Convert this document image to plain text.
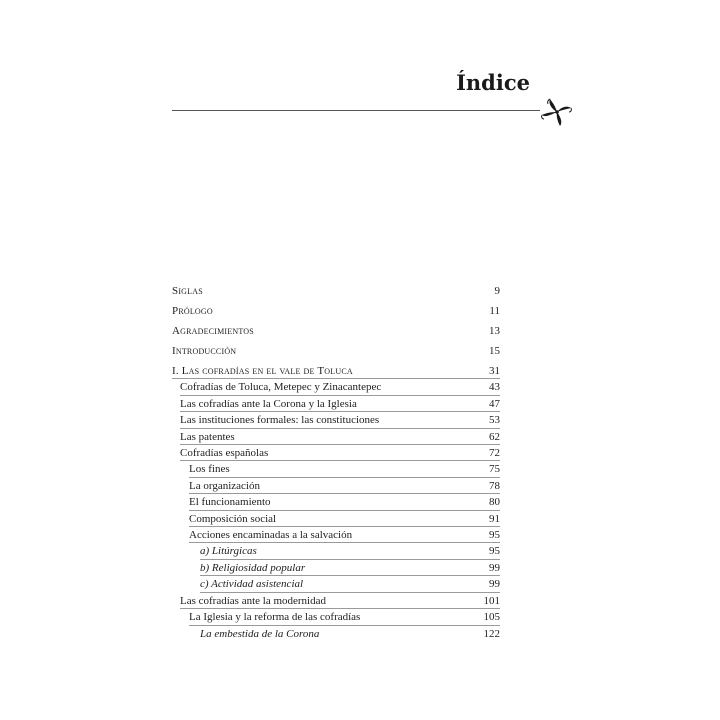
Índice
Siglas	9
Prólogo	11
Agradecimientos	13
Introducción	15
I. Las cofradías en el vale de Toluca	31
Cofradías de Toluca, Metepec y Zinacantepec	43
Las cofradías ante la Corona y la Iglesia	47
Las instituciones formales: las constituciones	53
Las patentes	62
Cofradías españolas	72
Los fines	75
La organización	78
El funcionamiento	80
Composición social	91
Acciones encaminadas a la salvación	95
a) Litúrgicas	95
b) Religiosidad popular	99
c) Actividad asistencial	99
Las cofradías ante la modernidad	101
La Iglesia y la reforma de las cofradías	105
La embestida de la Corona	122
